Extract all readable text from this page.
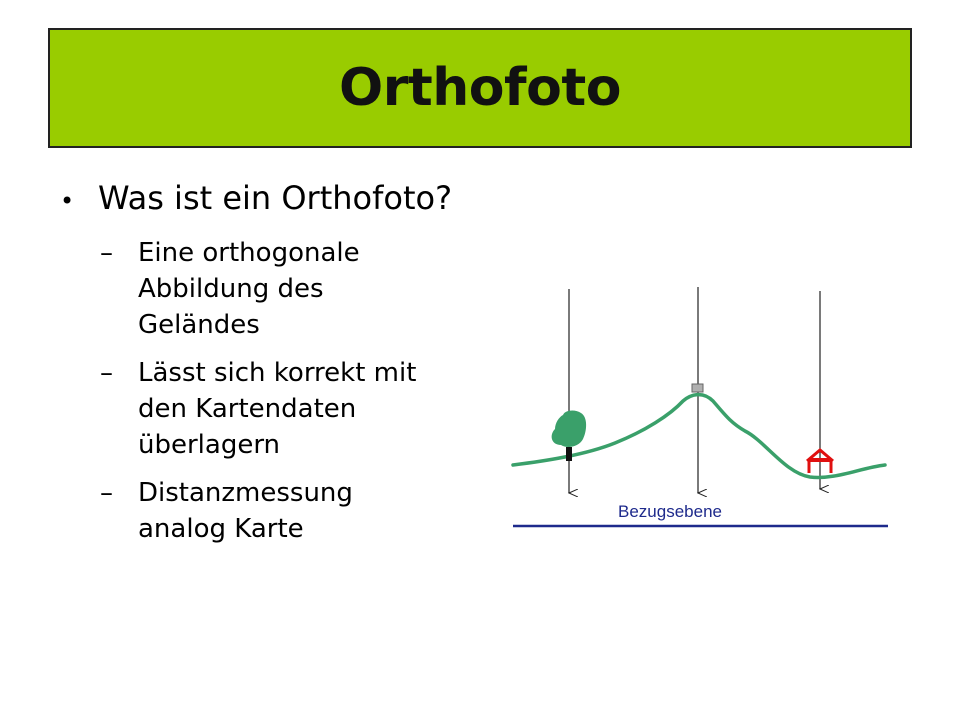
Orthofoto
• Was ist ein Orthofoto?
– Eine orthogonale Abbildung des Geländes
– Lässt sich korrekt mit den Kartendaten überlagern
– Distanzmessung analog Karte
Bezugsebene
